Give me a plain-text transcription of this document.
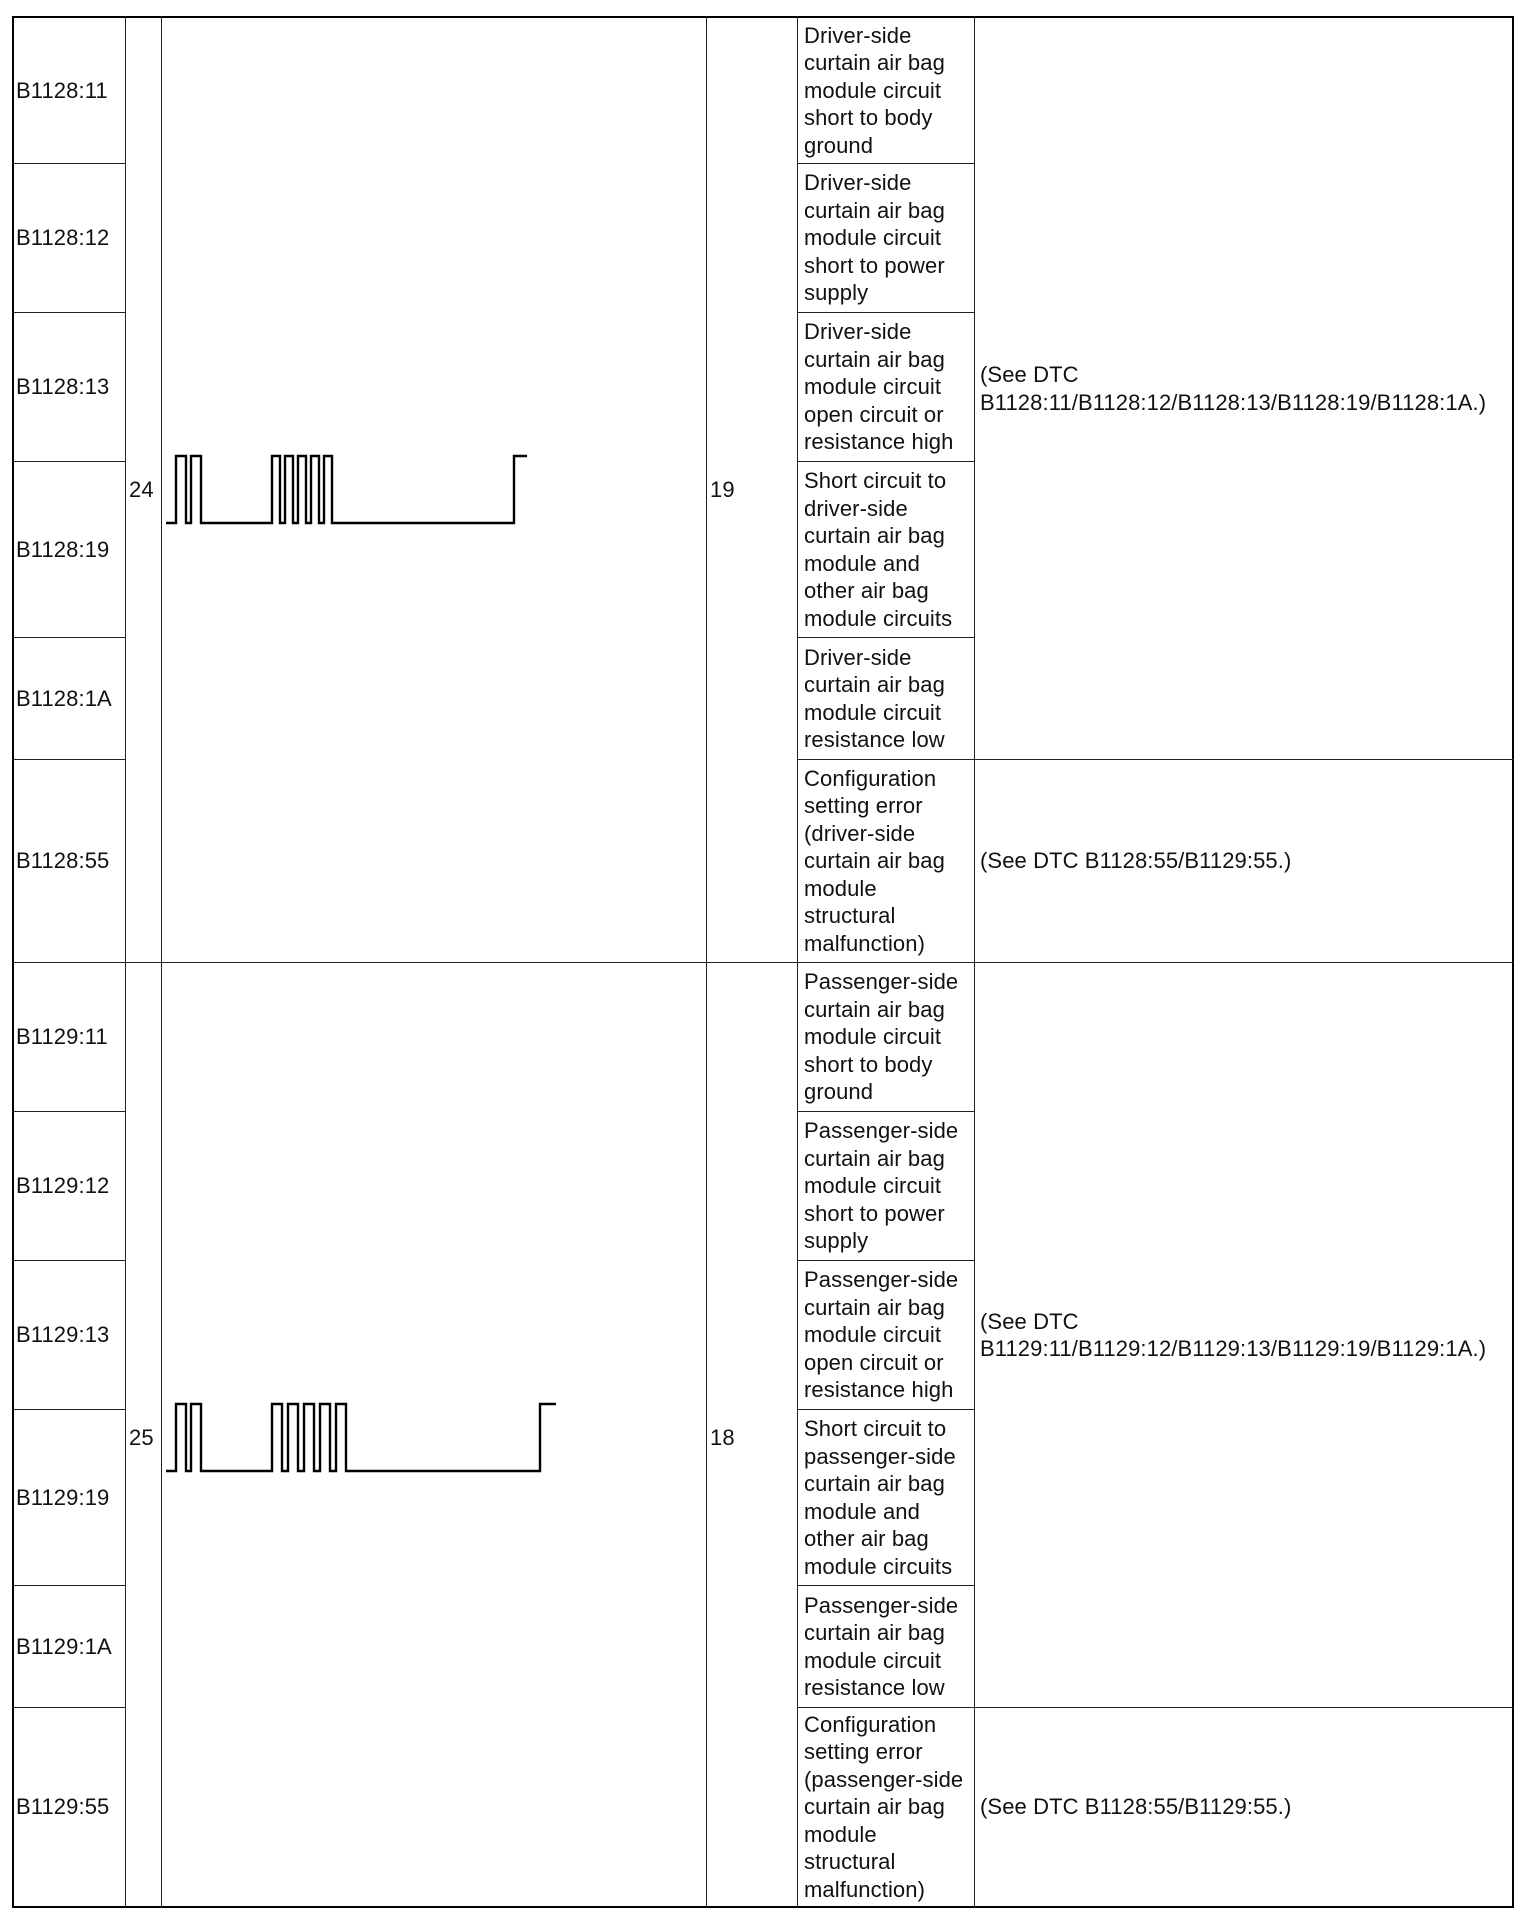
B1128:11
B1128:12
B1128:13
B1128:19
B1128:1A
B1128:55
24	19
Driver-side
curtain air bag
module circuit
short to body
ground
Driver-side
curtain air bag
module circuit
short to power
supply
Driver-side
curtain air bag
module circuit
open circuit or
resistance high
Short circuit to
driver-side
curtain air bag
module and
other air bag
module circuits
Driver-side
curtain air bag
module circuit
resistance low
Configuration
setting error
(driver-side
curtain air bag
module
structural
malfunction)
(See DTC
B1128:11/B1128:12/B1128:13/B1128:19/B1128:1A.)
(See DTC B1128:55/B1129:55.)
B1129:11
B1129:12
B1129:13
B1129:19
B1129:1A
B1129:55
25	18
Passenger-side
curtain air bag
module circuit
short to body
ground
Passenger-side
curtain air bag
module circuit
short to power
supply
Passenger-side
curtain air bag
module circuit
open circuit or
resistance high
Short circuit to
passenger-side
curtain air bag
module and
other air bag
module circuits
Passenger-side
curtain air bag
module circuit
resistance low
Configuration
setting error
(passenger-side
curtain air bag
module
structural
malfunction)
(See DTC
B1129:11/B1129:12/B1129:13/B1129:19/B1129:1A.)
(See DTC B1128:55/B1129:55.)
